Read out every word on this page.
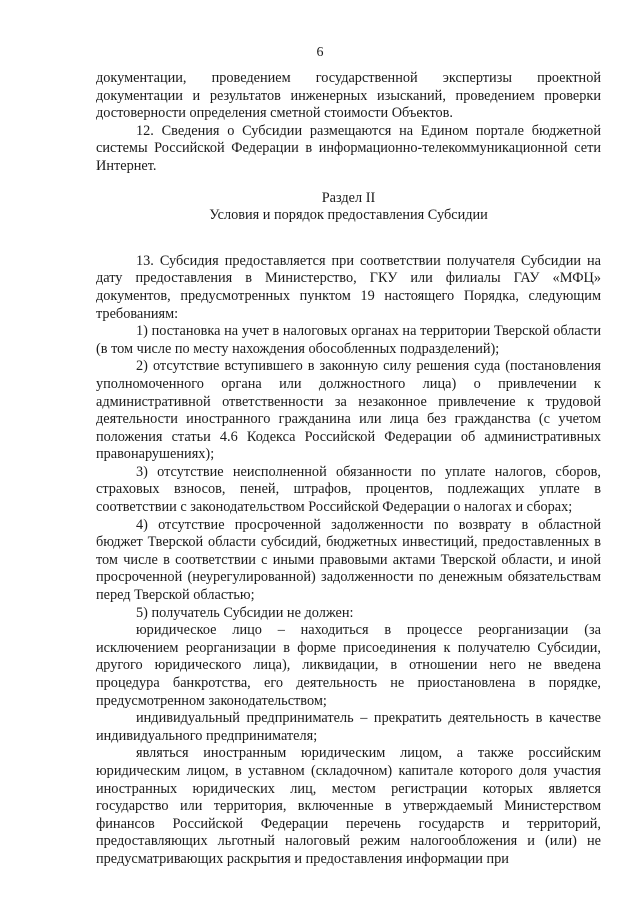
6

документации, проведением государственной экспертизы проектной документации и результатов инженерных изысканий, проведением проверки достоверности определения сметной стоимости Объектов.

12. Сведения о Субсидии размещаются на Едином портале бюджетной системы Российской Федерации в информационно-телекоммуникационной сети Интернет.

Раздел II

Условия и порядок предоставления Субсидии

13. Субсидия предоставляется при соответствии получателя Субсидии на дату предоставления в Министерство, ГКУ или филиалы ГАУ «МФЦ» документов, предусмотренных пунктом 19 настоящего Порядка, следующим требованиям:

1) постановка на учет в налоговых органах на территории Тверской области (в том числе по месту нахождения обособленных подразделений);

2) отсутствие вступившего в законную силу решения суда (постановления уполномоченного органа или должностного лица) о привлечении к административной ответственности за незаконное привлечение к трудовой деятельности иностранного гражданина или лица без гражданства (с учетом положения статьи 4.6 Кодекса Российской Федерации об административных правонарушениях);

3) отсутствие неисполненной обязанности по уплате налогов, сборов, страховых взносов, пеней, штрафов, процентов, подлежащих уплате в соответствии с законодательством Российской Федерации о налогах и сборах;

4) отсутствие просроченной задолженности по возврату в областной бюджет Тверской области субсидий, бюджетных инвестиций, предоставленных в том числе в соответствии с иными правовыми актами Тверской области, и иной просроченной (неурегулированной) задолженности по денежным обязательствам перед Тверской областью;

5) получатель Субсидии не должен:

юридическое лицо – находиться в процессе реорганизации (за исключением реорганизации в форме присоединения к получателю Субсидии, другого юридического лица), ликвидации, в отношении него не введена процедура банкротства, его деятельность не приостановлена в порядке, предусмотренном законодательством;

индивидуальный предприниматель – прекратить деятельность в качестве индивидуального предпринимателя;

являться иностранным юридическим лицом, а также российским юридическим лицом, в уставном (складочном) капитале которого доля участия иностранных юридических лиц, местом регистрации которых является государство или территория, включенные в утверждаемый Министерством финансов Российской Федерации перечень государств и территорий, предоставляющих льготный налоговый режим налогообложения и (или) не предусматривающих раскрытия и предоставления информации при
